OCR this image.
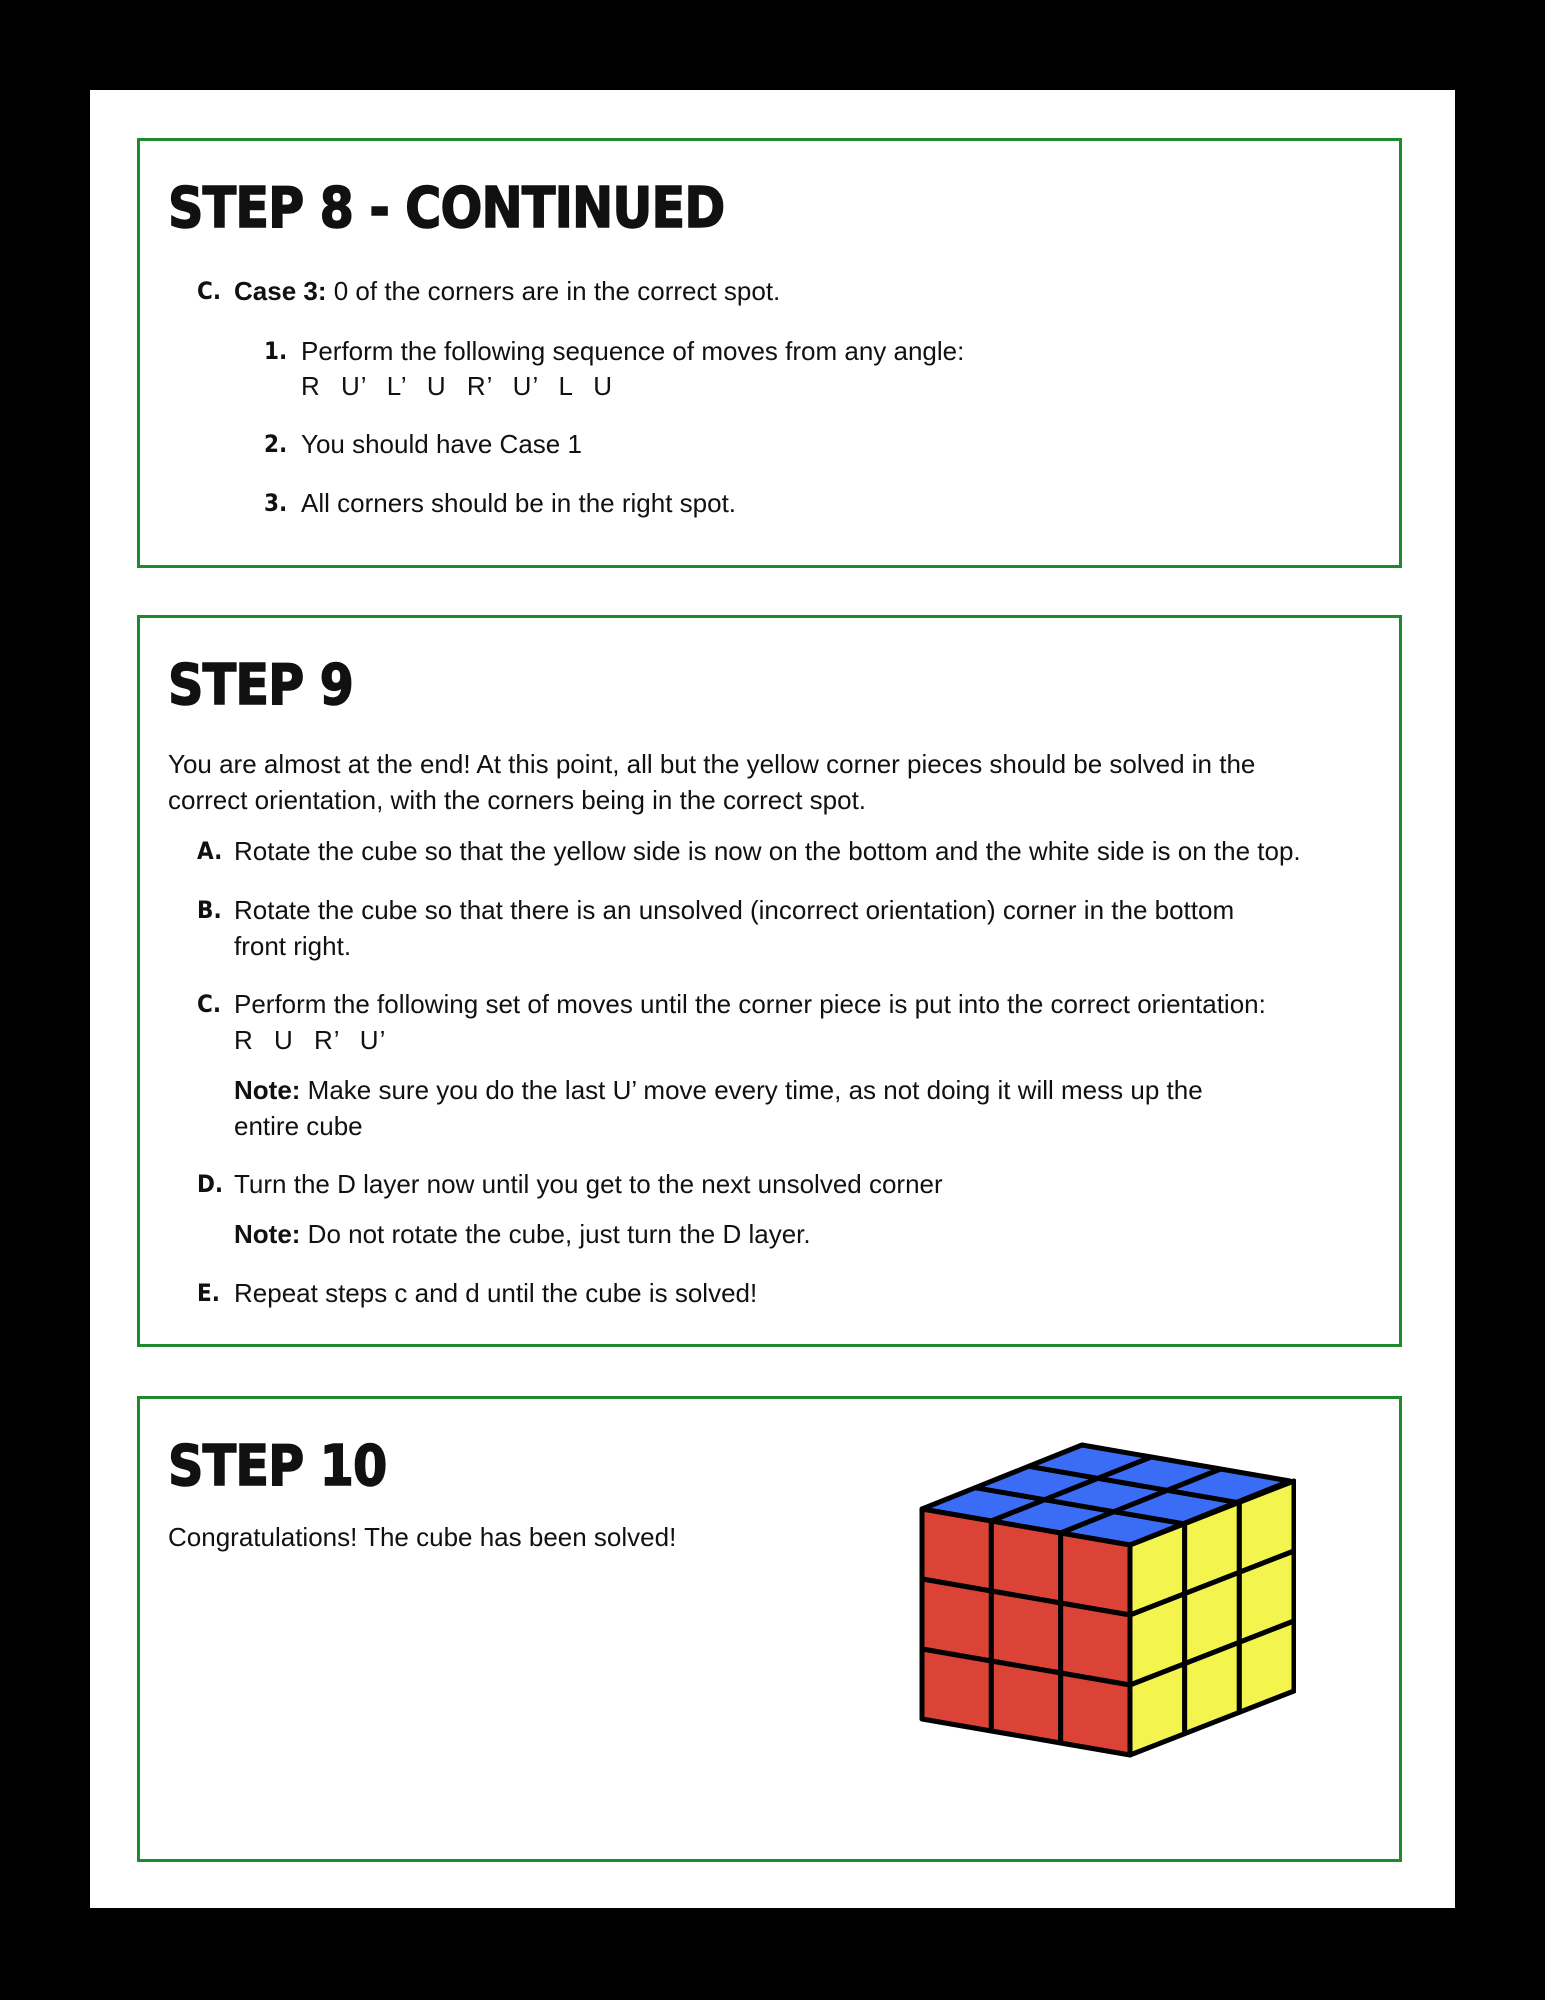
STEP 8 - CONTINUED
C. Case 3: 0 of the corners are in the correct spot.
1. Perform the following sequence of moves from any angle:
R U’ L’ U R’ U’ L U
2. You should have Case 1
3. All corners should be in the right spot.
STEP 9
You are almost at the end! At this point, all but the yellow corner pieces should be solved in the
correct orientation, with the corners being in the correct spot.
A. Rotate the cube so that the yellow side is now on the bottom and the white side is on the top.
B. Rotate the cube so that there is an unsolved (incorrect orientation) corner in the bottom
front right.
C. Perform the following set of moves until the corner piece is put into the correct orientation:
R U R’ U’
Note: Make sure you do the last U’ move every time, as not doing it will mess up the
entire cube
D. Turn the D layer now until you get to the next unsolved corner
Note: Do not rotate the cube, just turn the D layer.
E. Repeat steps c and d until the cube is solved!
STEP 10
Congratulations! The cube has been solved!
